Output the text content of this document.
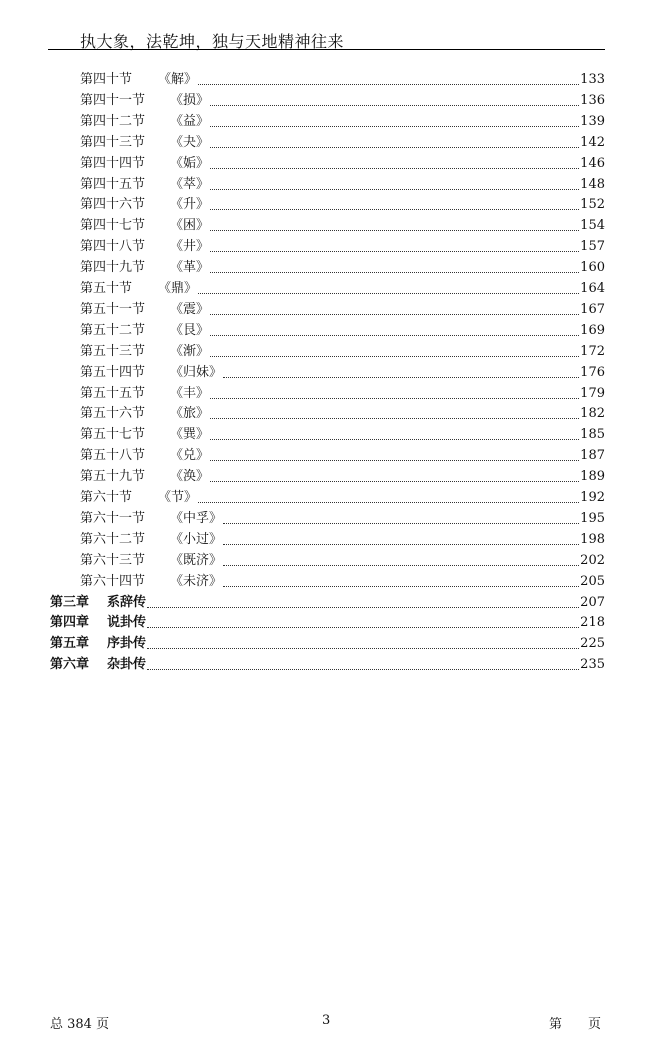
执大象，法乾坤，独与天地精神往来
第四十节	《解》	133
第四十一节	《损》	136
第四十二节	《益》	139
第四十三节	《夬》	142
第四十四节	《姤》	146
第四十五节	《萃》	148
第四十六节	《升》	152
第四十七节	《困》	154
第四十八节	《井》	157
第四十九节	《革》	160
第五十节	《鼎》	164
第五十一节	《震》	167
第五十二节	《艮》	169
第五十三节	《渐》	172
第五十四节	《归妹》	176
第五十五节	《丰》	179
第五十六节	《旅》	182
第五十七节	《巽》	185
第五十八节	《兑》	187
第五十九节	《涣》	189
第六十节	《节》	192
第六十一节	《中孚》	195
第六十二节	《小过》	198
第六十三节	《既济》	202
第六十四节	《未济》	205
第三章	系辞传	207
第四章	说卦传	218
第五章	序卦传	225
第六章	杂卦传	235
总 384 页	3	第　　页
